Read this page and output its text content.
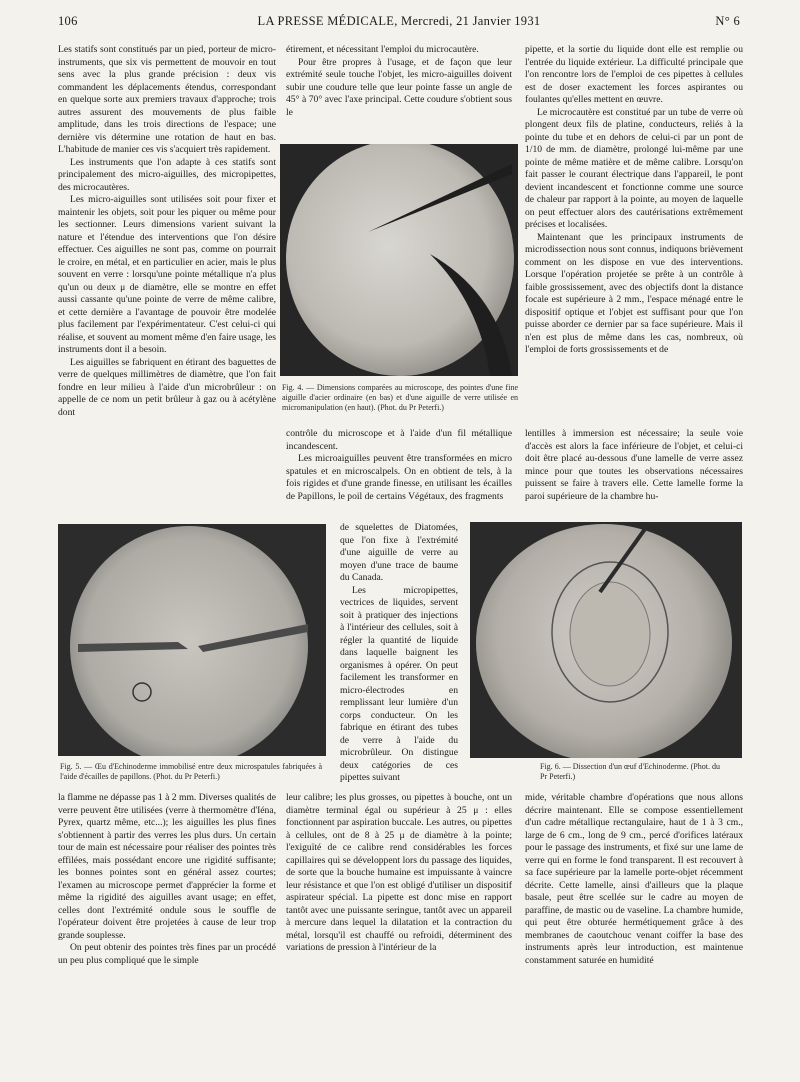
106	LA PRESSE MÉDICALE, Mercredi, 21 Janvier 1931	N° 6

Les statifs sont constitués par un pied, porteur de micro-instruments, que six vis permettent de mouvoir en tout sens avec la plus grande précision : deux vis commandent les déplacements étendus, correspondant en quelque sorte aux premiers travaux d'approche; trois autres assurent des mouvements de plus faible amplitude, dans les trois directions de l'espace; une dernière vis détermine une rotation de haut en bas. L'habitude de manier ces vis s'acquiert très rapidement.

Les instruments que l'on adapte à ces statifs sont principalement des micro-aiguilles, des micropipettes, des microcautères.

Les micro-aiguilles sont utilisées soit pour fixer et maintenir les objets, soit pour les piquer ou même pour les sectionner. Leurs dimensions varient suivant la nature et l'étendue des interventions que l'on désire effectuer. Ces aiguilles ne sont pas, comme on pourrait le croire, en métal, et en particulier en acier, mais le plus souvent en verre : lorsqu'une pointe métallique n'a plus qu'un ou deux μ de diamètre, elle se montre en effet aussi cassante qu'une pointe de verre de même calibre, et cette dernière a l'avantage de pouvoir être modelée plus facilement par l'expérimentateur. C'est celui-ci qui réalise, et souvent au moment même d'en faire usage, les instruments dont il a besoin.

Les aiguilles se fabriquent en étirant des baguettes de verre de quelques millimètres de diamètre, que l'on fait fondre en leur milieu à l'aide d'un microbrûleur : on appelle de ce nom un petit brûleur à gaz ou à acétylène dont

étirement, et nécessitant l'emploi du microcautère.

Pour être propres à l'usage, et de façon que leur extrémité seule touche l'objet, les micro-aiguilles doivent subir une coudure telle que leur pointe fasse un angle de 45° à 70° avec l'axe principal. Cette coudure s'obtient sous le

Fig. 4. — Dimensions comparées au microscope, des pointes d'une fine aiguille d'acier ordinaire (en bas) et d'une aiguille de verre utilisée en micromanipulation (en haut). (Phot. du Pr Peterfi.)

pipette, et la sortie du liquide dont elle est remplie ou l'entrée du liquide extérieur. La difficulté principale que l'on rencontre lors de l'emploi de ces pipettes à cellules est de doser exactement les forces aspirantes ou foulantes qu'elles mettent en œuvre.

Le microcautère est constitué par un tube de verre où plongent deux fils de platine, conducteurs, reliés à la pointe du tube et en dehors de celui-ci par un pont de 1/10 de mm. de diamètre, prolongé lui-même par une pointe de même matière et de même calibre. Lorsqu'on fait passer le courant électrique dans l'appareil, le pont devient incandescent et fonctionne comme une source de chaleur par rapport à la pointe, au moyen de laquelle on peut effectuer alors des cautérisations extrêmement précises et localisées.

Maintenant que les principaux instruments de microdissection nous sont connus, indiquons brièvement comment on les dispose en vue des interventions. Lorsque l'opération projetée se prête à un contrôle à faible grossissement, avec des objectifs dont la distance focale est supérieure à 2 mm., l'espace ménagé entre le dispositif optique et l'objet est suffisant pour que l'on puisse aborder ce dernier par sa face supérieure. Mais il n'en est plus de même dans les cas, nombreux, où l'emploi de forts grossissements et de

contrôle du microscope et à l'aide d'un fil métallique incandescent.

Les microaiguilles peuvent être transformées en micro spatules et en microscalpels. On en obtient de tels, à la fois rigides et d'une grande finesse, en utilisant les écailles de Papillons, le poil de certains Végétaux, des fragments

lentilles à immersion est nécessaire; la seule voie d'accès est alors la face inférieure de l'objet, et celui-ci doit être placé au-dessous d'une lamelle de verre assez mince pour que toutes les observations nécessaires puissent se faire à travers elle. Cette lamelle forme la paroi supérieure de la chambre hu-

Fig. 5. — Œu d'Echinoderme immobilisé entre deux microspatules fabriquées à l'aide d'écailles de papillons. (Phot. du Pr Peterfi.)

de squelettes de Diatomées, que l'on fixe à l'extrémité d'une aiguille de verre au moyen d'une trace de baume du Canada.

Les micropipettes, vectrices de liquides, servent soit à pratiquer des injections à l'intérieur des cellules, soit à régler la quantité de liquide dans laquelle baignent les organismes à opérer. On peut facilement les transformer en micro-électrodes en remplissant leur lumière d'un corps conducteur. On les fabrique en étirant des tubes de verre à l'aide du microbrûleur. On distingue deux catégories de ces pipettes suivant

Fig. 6. — Dissection d'un œuf d'Echinoderme. (Phot. du Pr Peterfi.)

la flamme ne dépasse pas 1 à 2 mm. Diverses qualités de verre peuvent être utilisées (verre à thermomètre d'Iéna, Pyrex, quartz même, etc...); les aiguilles les plus fines s'obtiennent à partir des verres les plus durs. Un certain tour de main est nécessaire pour réaliser des pointes très effilées, mais possédant encore une rigidité suffisante; les bonnes pointes sont en général assez courtes; l'examen au microscope permet d'apprécier la forme et même la rigidité des aiguilles avant usage; en effet, celles dont l'extrémité ondule sous le souffle de l'opérateur doivent être projetées à cause de leur trop grande souplesse.

On peut obtenir des pointes très fines par un procédé un peu plus compliqué que le simple

leur calibre; les plus grosses, ou pipettes à bouche, ont un diamètre terminal égal ou supérieur à 25 μ : elles fonctionnent par aspiration buccale. Les autres, ou pipettes à cellules, ont de 8 à 25 μ de diamètre à la pointe; l'exiguïté de ce calibre rend considérables les forces capillaires qui se développent lors du passage des liquides, de sorte que la bouche humaine est impuissante à vaincre leur résistance et que l'on est obligé d'utiliser un dispositif aspirateur spécial. La pipette est donc mise en rapport tantôt avec une puissante seringue, tantôt avec un appareil à mercure dans lequel la dilatation et la contraction du métal, lorsqu'il est chauffé ou refroidi, déterminent des variations de pression à l'intérieur de la

mide, véritable chambre d'opérations que nous allons décrire maintenant. Elle se compose essentiellement d'un cadre métallique rectangulaire, haut de 1 à 3 cm., large de 6 cm., long de 9 cm., percé d'orifices latéraux pour le passage des instruments, et fixé sur une lame de verre qui en forme le fond transparent. Il est recouvert à sa face supérieure par la lamelle porte-objet récemment décrite. Cette lamelle, ainsi d'ailleurs que la plaque basale, peut être scellée sur le cadre au moyen de paraffine, de mastic ou de vaseline. La chambre humide, qui peut être obturée hermétiquement grâce à des membranes de caoutchouc venant coiffer la base des instruments après leur introduction, est maintenue constamment saturée en humidité
